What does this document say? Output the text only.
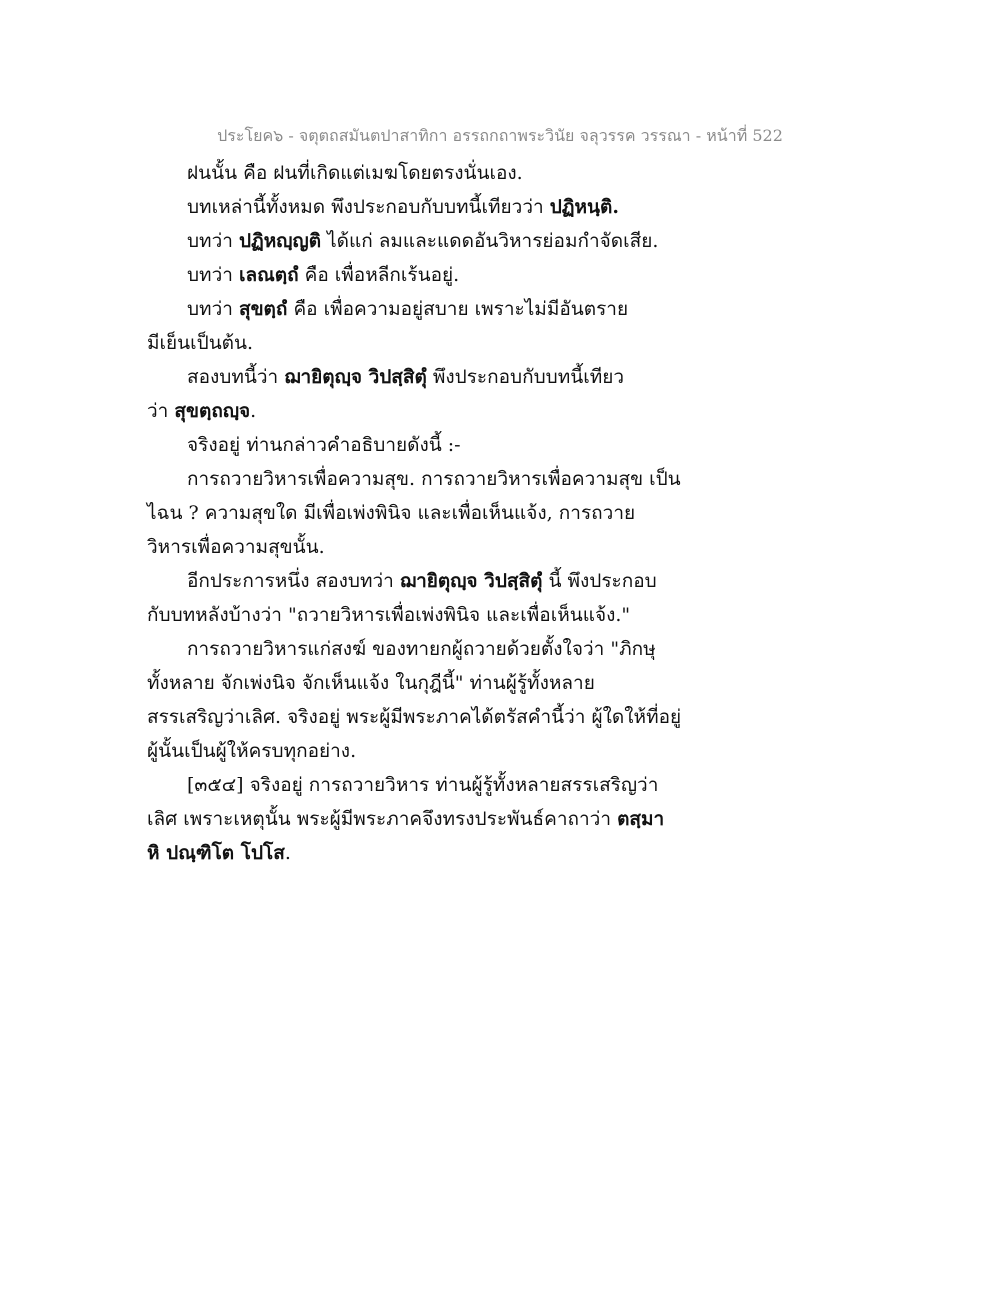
ประโยค๖ - จตุตถสมันตปาสาทิกา อรรถกถาพระวินัย จลุวรรค วรรณา - หน้าที่ 522
ฝนนั้น คือ ฝนที่เกิดแต่เมฆโดยตรงนั่นเอง.
บทเหล่านี้ทั้งหมด พึงประกอบกับบทนี้เทียวว่า ปฏิหนฺติ.
บทว่า ปฏิหญฺญติ ได้แก่ ลมและแดดอันวิหารย่อมกำจัดเสีย.
บทว่า เลณตฺถํ คือ เพื่อหลีกเร้นอยู่.
บทว่า สุขตฺถํ คือ เพื่อความอยู่สบาย เพราะไม่มีอันตราย
มีเย็นเป็นต้น.
สองบทนี้ว่า ฌายิตุญฺจ วิปสฺสิตุํ พึงประกอบกับบทนี้เทียว
ว่า สุขตฺถญฺจ.
จริงอยู่ ท่านกล่าวคำอธิบายดังนี้ :-
การถวายวิหารเพื่อความสุข. การถวายวิหารเพื่อความสุข เป็น
ไฉน ? ความสุขใด มีเพื่อเพ่งพินิจ และเพื่อเห็นแจ้ง, การถวาย
วิหารเพื่อความสุขนั้น.
อีกประการหนึ่ง สองบทว่า ฌายิตุญฺจ วิปสฺสิตุํ นี้ พึงประกอบ
กับบทหลังบ้างว่า "ถวายวิหารเพื่อเพ่งพินิจ และเพื่อเห็นแจ้ง."
การถวายวิหารแก่สงฆ์ ของทายกผู้ถวายด้วยตั้งใจว่า "ภิกษุ
ทั้งหลาย จักเพ่งนิจ จักเห็นแจ้ง ในกุฎีนี้" ท่านผู้รู้ทั้งหลาย
สรรเสริญว่าเลิศ. จริงอยู่ พระผู้มีพระภาคได้ตรัสคำนี้ว่า ผู้ใดให้ที่อยู่
ผู้นั้นเป็นผู้ให้ครบทุกอย่าง.
[๓๕๔] จริงอยู่ การถวายวิหาร ท่านผู้รู้ทั้งหลายสรรเสริญว่า
เลิศ เพราะเหตุนั้น พระผู้มีพระภาคจึงทรงประพันธ์คาถาว่า ตสฺมา
หิ ปณฺฑิโต โปโส.
